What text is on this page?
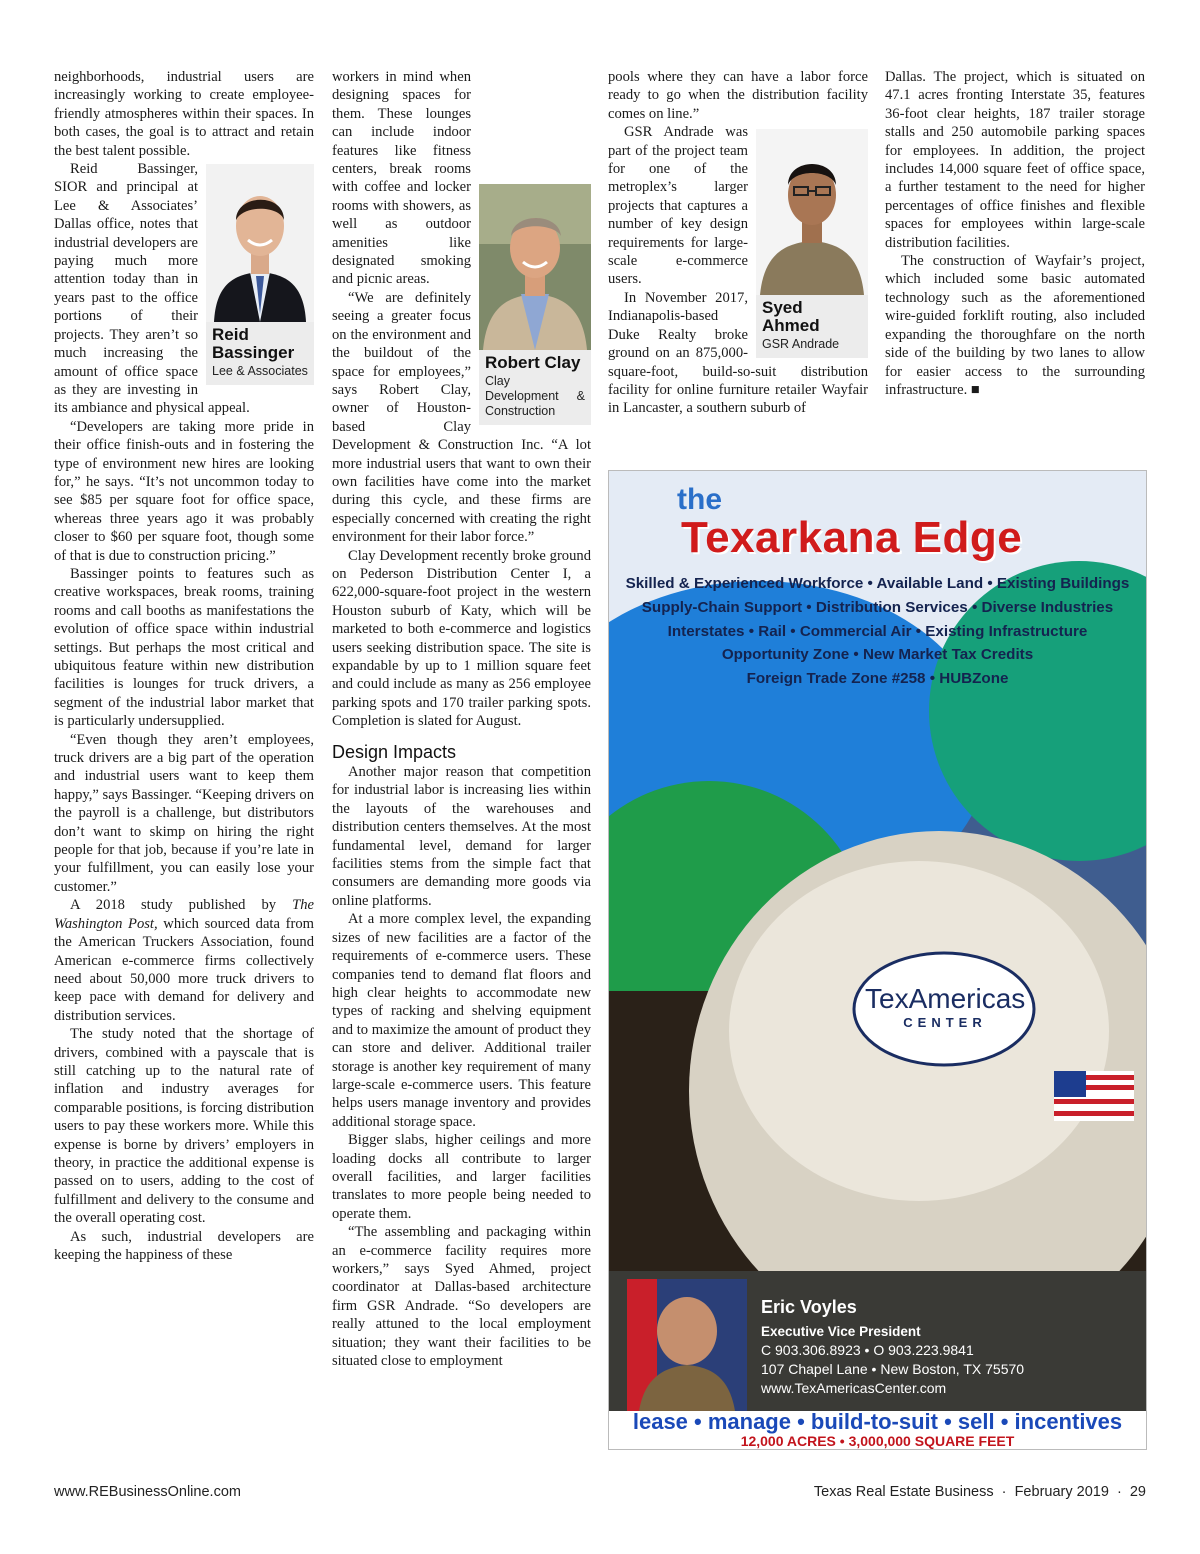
neighborhoods, industrial users are increasingly working to create employee-friendly atmospheres within their spaces. In both cases, the goal is to attract and retain the best talent possible.

Reid Bassinger
Lee & Associates

Reid Bassinger, SIOR and principal at Lee & Associates’ Dallas office, notes that industrial developers are paying much more attention today than in years past to the office portions of their projects. They aren’t so much increasing the amount of office space as they are investing in its ambiance and physical appeal.

“Developers are taking more pride in their office finish-outs and in fostering the type of environment new hires are looking for,” he says. “It’s not uncommon today to see $85 per square foot for office space, whereas three years ago it was probably closer to $60 per square foot, though some of that is due to construction pricing.”

Bassinger points to features such as creative workspaces, break rooms, training rooms and call booths as manifestations the evolution of office space within industrial settings. But perhaps the most critical and ubiquitous feature within new distribution facilities is lounges for truck drivers, a segment of the industrial labor market that is particularly undersupplied.

“Even though they aren’t employees, truck drivers are a big part of the operation and industrial users want to keep them happy,” says Bassinger. “Keeping drivers on the payroll is a challenge, but distributors don’t want to skimp on hiring the right people for that job, because if you’re late in your fulfillment, you can easily lose your customer.”

A 2018 study published by The Washington Post, which sourced data from the American Truckers Association, found American e-commerce firms collectively need about 50,000 more truck drivers to keep pace with demand for delivery and distribution services.

The study noted that the shortage of drivers, combined with a payscale that is still catching up to the natural rate of inflation and industry averages for comparable positions, is forcing distribution users to pay these workers more. While this expense is borne by drivers’ employers in theory, in practice the additional expense is passed on to users, adding to the cost of fulfillment and delivery to the consume and the overall operating cost.

As such, industrial developers are keeping the happiness of these

Robert Clay
Clay Development & Construction

workers in mind when designing spaces for them. These lounges can include indoor features like fitness centers, break rooms with coffee and locker rooms with showers, as well as outdoor amenities like designated smoking and picnic areas.

“We are definitely seeing a greater focus on the environment and the buildout of the space for employees,” says Robert Clay, owner of Houston-based Clay Development & Construction Inc. “A lot more industrial users that want to own their own facilities have come into the market during this cycle, and these firms are especially concerned with creating the right environment for their labor force.”

Clay Development recently broke ground on Pederson Distribution Center I, a 622,000-square-foot project in the western Houston suburb of Katy, which will be marketed to both e-commerce and logistics users seeking distribution space. The site is expandable by up to 1 million square feet and could include as many as 256 employee parking spots and 170 trailer parking spots. Completion is slated for August.

Design Impacts

Another major reason that competition for industrial labor is increasing lies within the layouts of the warehouses and distribution centers themselves. At the most fundamental level, demand for larger facilities stems from the simple fact that consumers are demanding more goods via online platforms.

At a more complex level, the expanding sizes of new facilities are a factor of the requirements of e-commerce users. These companies tend to demand flat floors and high clear heights to accommodate new types of racking and shelving equipment and to maximize the amount of product they can store and deliver. Additional trailer storage is another key requirement of many large-scale e-commerce users. This feature helps users manage inventory and provides additional storage space.

Bigger slabs, higher ceilings and more loading docks all contribute to larger overall facilities, and larger facilities translates to more people being needed to operate them.

“The assembling and packaging within an e-commerce facility requires more workers,” says Syed Ahmed, project coordinator at Dallas-based architecture firm GSR Andrade. “So developers are really attuned to the local employment situation; they want their facilities to be situated close to employment

pools where they can have a labor force ready to go when the distribution facility comes on line.”

Syed Ahmed
GSR Andrade

GSR Andrade was part of the project team for one of the metroplex’s larger projects that captures a number of key design requirements for large-scale e-commerce users.

In November 2017, Indianapolis-based Duke Realty broke ground on an 875,000-square-foot, build-so-suit distribution facility for online furniture retailer Wayfair in Lancaster, a southern suburb of

Dallas. The project, which is situated on 47.1 acres fronting Interstate 35, features 36-foot clear heights, 187 trailer storage stalls and 250 automobile parking spaces for employees. In addition, the project includes 14,000 square feet of office space, a further testament to the need for higher percentages of office finishes and flexible spaces for employees within large-scale distribution facilities.

The construction of Wayfair’s project, which included some basic automated technology such as the aforementioned wire-guided forklift routing, also included expanding the thoroughfare on the north side of the building by two lanes to allow for easier access to the surrounding infrastructure. ■

the
Texarkana Edge
Skilled & Experienced Workforce • Available Land • Existing Buildings
Supply-Chain Support • Distribution Services • Diverse Industries
Interstates • Rail • Commercial Air • Existing Infrastructure
Opportunity Zone • New Market Tax Credits
Foreign Trade Zone #258 • HUBZone
TexAmericas
CENTER
Eric Voyles
Executive Vice President
C 903.306.8923 • O 903.223.9841
107 Chapel Lane • New Boston, TX 75570
www.TexAmericasCenter.com
lease • manage • build-to-suit • sell • incentives
12,000 ACRES • 3,000,000 SQUARE FEET
www.REBusinessOnline.com	Texas Real Estate Business · February 2019 · 29
